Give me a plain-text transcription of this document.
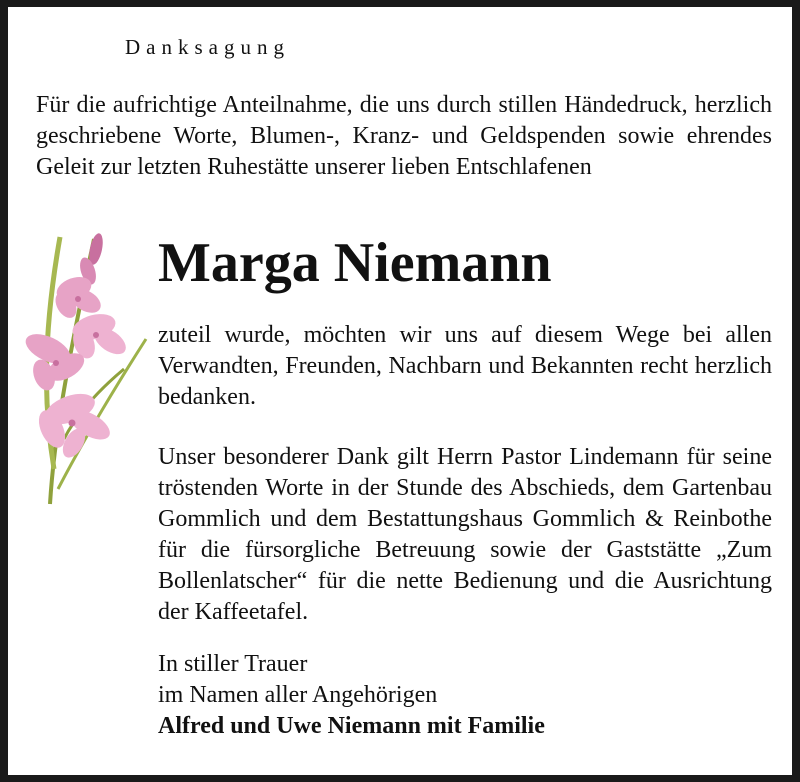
Danksagung
Für die aufrichtige Anteilnahme, die uns durch stillen Händedruck, herzlich geschriebene Worte, Blumen-, Kranz- und Geldspenden sowie ehrendes Geleit zur letzten Ruhestätte unserer lieben Entschlafenen
Marga Niemann
zuteil wurde, möchten wir uns auf diesem Wege bei allen Verwandten, Freunden, Nachbarn und Bekannten recht herzlich bedanken.
Unser besonderer Dank gilt Herrn Pastor Lindemann für seine tröstenden Worte in der Stunde des Abschieds, dem Gartenbau Gommlich und dem Bestattungshaus Gommlich & Reinbothe für die fürsorgliche Betreuung sowie der Gaststätte „Zum Bollenlatscher“ für die nette Bedienung und die Ausrichtung der Kaffeetafel.
In stiller Trauer
im Namen aller Angehörigen
Alfred und Uwe Niemann mit Familie
